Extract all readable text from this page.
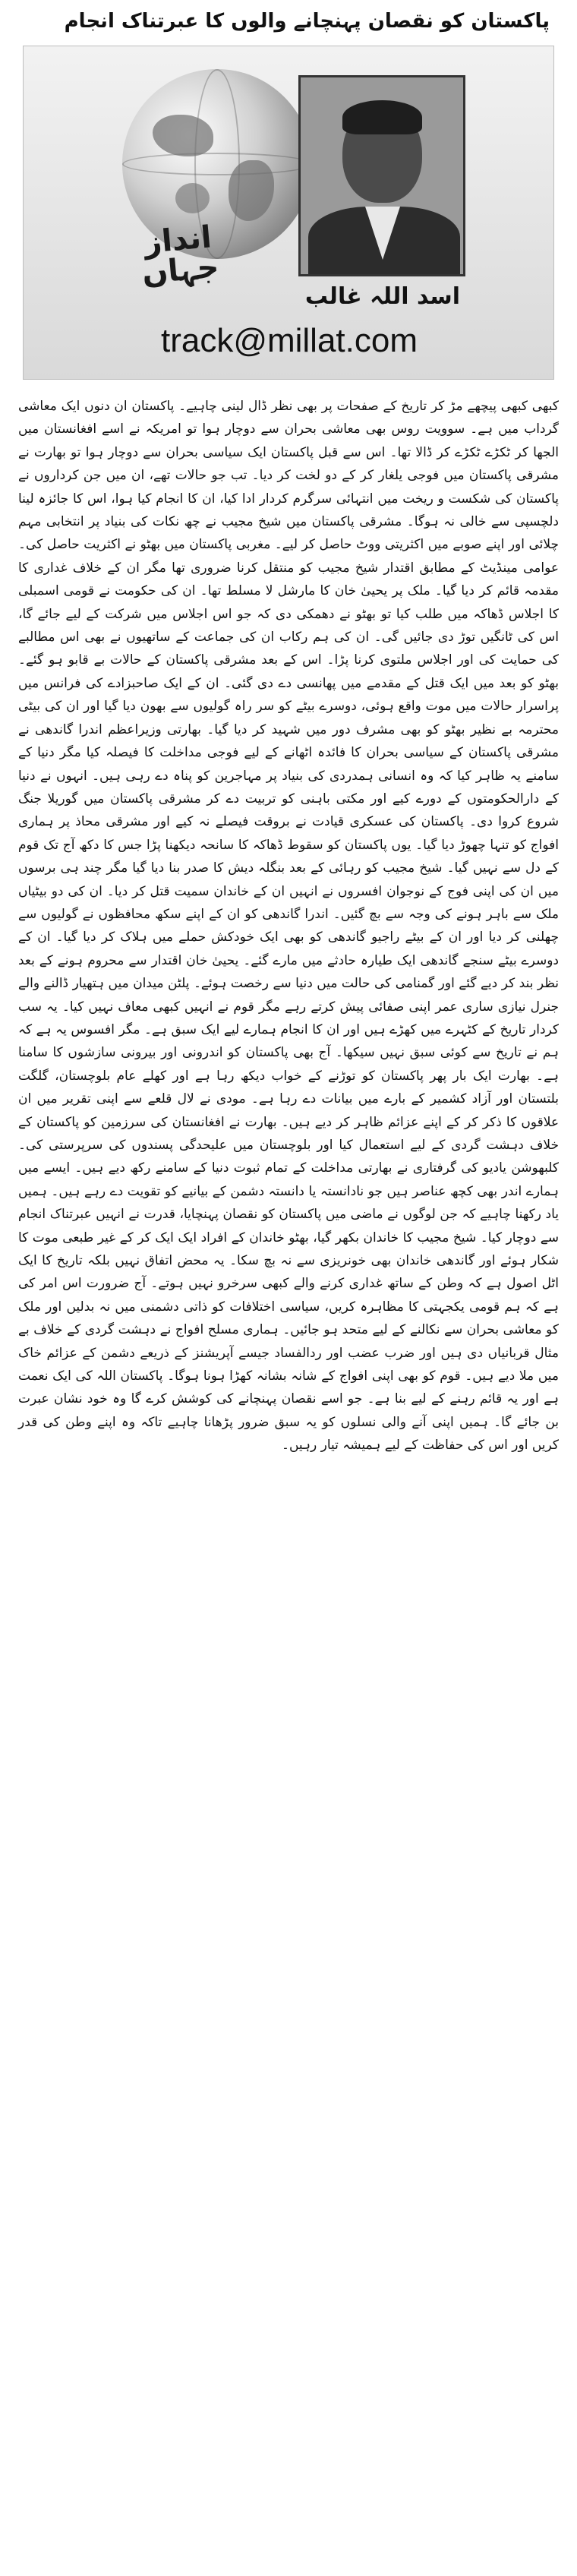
پاکستان کو نقصان پہنچانے والوں کا عبرتناک انجام
انداز جہاں
اسد اللہ غالب
track@millat.com

کبھی کبھی پیچھے مڑ کر تاریخ کے صفحات پر بھی نظر ڈال لینی چاہیے۔ پاکستان ان دنوں ایک معاشی گرداب میں ہے۔ سوویت روس بھی معاشی بحران سے دوچار ہوا تو امریکہ نے اسے افغانستان میں الجھا کر ٹکڑے ٹکڑے کر ڈالا تھا۔ اس سے قبل پاکستان ایک سیاسی بحران سے دوچار ہوا تو بھارت نے مشرقی پاکستان میں فوجی یلغار کر کے دو لخت کر دیا۔ تب جو حالات تھے، ان میں جن کرداروں نے پاکستان کی شکست و ریخت میں انتہائی سرگرم کردار ادا کیا، ان کا انجام کیا ہوا، اس کا جائزہ لینا دلچسپی سے خالی نہ ہوگا۔ مشرقی پاکستان میں شیخ مجیب نے چھ نکات کی بنیاد پر انتخابی مہم چلائی اور اپنے صوبے میں اکثریتی ووٹ حاصل کر لیے۔ مغربی پاکستان میں بھٹو نے اکثریت حاصل کی۔ عوامی مینڈیٹ کے مطابق اقتدار شیخ مجیب کو منتقل کرنا ضروری تھا مگر ان کے خلاف غداری کا مقدمہ قائم کر دیا گیا۔ ملک پر یحییٰ خان کا مارشل لا مسلط تھا۔ ان کی حکومت نے قومی اسمبلی کا اجلاس ڈھاکہ میں طلب کیا تو بھٹو نے دھمکی دی کہ جو اس اجلاس میں شرکت کے لیے جائے گا، اس کی ٹانگیں توڑ دی جائیں گی۔ ان کی ہم رکاب ان کی جماعت کے ساتھیوں نے بھی اس مطالبے کی حمایت کی اور اجلاس ملتوی کرنا پڑا۔ اس کے بعد مشرقی پاکستان کے حالات بے قابو ہو گئے۔ بھٹو کو بعد میں ایک قتل کے مقدمے میں پھانسی دے دی گئی۔ ان کے ایک صاحبزادے کی فرانس میں پراسرار حالات میں موت واقع ہوئی، دوسرے بیٹے کو سر راہ گولیوں سے بھون دیا گیا اور ان کی بیٹی محترمہ بے نظیر بھٹو کو بھی مشرف دور میں شہید کر دیا گیا۔ بھارتی وزیراعظم اندرا گاندھی نے مشرقی پاکستان کے سیاسی بحران کا فائدہ اٹھانے کے لیے فوجی مداخلت کا فیصلہ کیا مگر دنیا کے سامنے یہ ظاہر کیا کہ وہ انسانی ہمدردی کی بنیاد پر مہاجرین کو پناہ دے رہی ہیں۔ انہوں نے دنیا کے دارالحکومتوں کے دورے کیے اور مکتی باہنی کو تربیت دے کر مشرقی پاکستان میں گوریلا جنگ شروع کروا دی۔ پاکستان کی عسکری قیادت نے بروقت فیصلے نہ کیے اور مشرقی محاذ پر ہماری افواج کو تنہا چھوڑ دیا گیا۔ یوں پاکستان کو سقوط ڈھاکہ کا سانحہ دیکھنا پڑا جس کا دکھ آج تک قوم کے دل سے نہیں گیا۔ شیخ مجیب کو رہائی کے بعد بنگلہ دیش کا صدر بنا دیا گیا مگر چند ہی برسوں میں ان کی اپنی فوج کے نوجوان افسروں نے انہیں ان کے خاندان سمیت قتل کر دیا۔ ان کی دو بیٹیاں ملک سے باہر ہونے کی وجہ سے بچ گئیں۔ اندرا گاندھی کو ان کے اپنے سکھ محافظوں نے گولیوں سے چھلنی کر دیا اور ان کے بیٹے راجیو گاندھی کو بھی ایک خودکش حملے میں ہلاک کر دیا گیا۔ ان کے دوسرے بیٹے سنجے گاندھی ایک طیارہ حادثے میں مارے گئے۔ یحییٰ خان اقتدار سے محروم ہونے کے بعد نظر بند کر دیے گئے اور گمنامی کی حالت میں دنیا سے رخصت ہوئے۔ پلٹن میدان میں ہتھیار ڈالنے والے جنرل نیازی ساری عمر اپنی صفائی پیش کرتے رہے مگر قوم نے انہیں کبھی معاف نہیں کیا۔ یہ سب کردار تاریخ کے کٹہرے میں کھڑے ہیں اور ان کا انجام ہمارے لیے ایک سبق ہے۔ مگر افسوس یہ ہے کہ ہم نے تاریخ سے کوئی سبق نہیں سیکھا۔ آج بھی پاکستان کو اندرونی اور بیرونی سازشوں کا سامنا ہے۔ بھارت ایک بار پھر پاکستان کو توڑنے کے خواب دیکھ رہا ہے اور کھلے عام بلوچستان، گلگت بلتستان اور آزاد کشمیر کے بارے میں بیانات دے رہا ہے۔ مودی نے لال قلعے سے اپنی تقریر میں ان علاقوں کا ذکر کر کے اپنے عزائم ظاہر کر دیے ہیں۔ بھارت نے افغانستان کی سرزمین کو پاکستان کے خلاف دہشت گردی کے لیے استعمال کیا اور بلوچستان میں علیحدگی پسندوں کی سرپرستی کی۔ کلبھوشن یادیو کی گرفتاری نے بھارتی مداخلت کے تمام ثبوت دنیا کے سامنے رکھ دیے ہیں۔ ایسے میں ہمارے اندر بھی کچھ عناصر ہیں جو نادانستہ یا دانستہ دشمن کے بیانیے کو تقویت دے رہے ہیں۔ ہمیں یاد رکھنا چاہیے کہ جن لوگوں نے ماضی میں پاکستان کو نقصان پہنچایا، قدرت نے انہیں عبرتناک انجام سے دوچار کیا۔ شیخ مجیب کا خاندان بکھر گیا، بھٹو خاندان کے افراد ایک ایک کر کے غیر طبعی موت کا شکار ہوئے اور گاندھی خاندان بھی خونریزی سے نہ بچ سکا۔ یہ محض اتفاق نہیں بلکہ تاریخ کا ایک اٹل اصول ہے کہ وطن کے ساتھ غداری کرنے والے کبھی سرخرو نہیں ہوتے۔ آج ضرورت اس امر کی ہے کہ ہم قومی یکجہتی کا مظاہرہ کریں، سیاسی اختلافات کو ذاتی دشمنی میں نہ بدلیں اور ملک کو معاشی بحران سے نکالنے کے لیے متحد ہو جائیں۔ ہماری مسلح افواج نے دہشت گردی کے خلاف بے مثال قربانیاں دی ہیں اور ضرب عضب اور ردالفساد جیسے آپریشنز کے ذریعے دشمن کے عزائم خاک میں ملا دیے ہیں۔ قوم کو بھی اپنی افواج کے شانہ بشانہ کھڑا ہونا ہوگا۔ پاکستان اللہ کی ایک نعمت ہے اور یہ قائم رہنے کے لیے بنا ہے۔ جو اسے نقصان پہنچانے کی کوشش کرے گا وہ خود نشان عبرت بن جائے گا۔ ہمیں اپنی آنے والی نسلوں کو یہ سبق ضرور پڑھانا چاہیے تاکہ وہ اپنے وطن کی قدر کریں اور اس کی حفاظت کے لیے ہمیشہ تیار رہیں۔
